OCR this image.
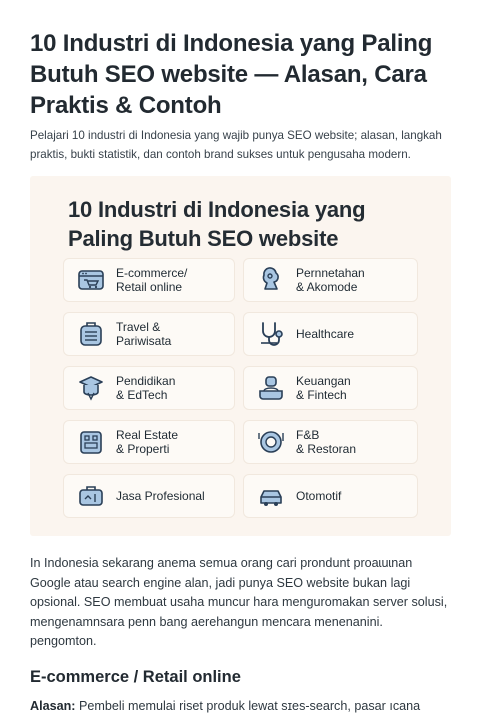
10 Industri di Indonesia yang Paling Butuh SEO website — Alasan, Cara Praktis & Contoh

Pelajari 10 industri di Indonesia yang wajib punya SEO website; alasan, langkah praktis, bukti statistik, dan contoh brand sukses untuk pengusaha modern.

10 Industri di Indonesia yang Paling Butuh SEO website
E-commerce/
Retail online
Pernnetahan
& Akomode
Travel &
Pariwisata	Healthcare
Pendidikan
& EdTech
Keuangan
& Fintech
Real Estate
& Properti
F&B
& Restoran
Jasa Profesional	Otomotif

In Indonesia sekarang anema semua orang cari prondunt proaɩuɩnan Google atau search engine alan, jadi punya SEO website bukan lagi opsional. SEO membuat usaha muncur hara menguromakan server solusi, mengenamnsara penn bang aerehangun mencara menenanini. pengomton.

E-commerce / Retail online

Alasan: Pembeli memulai riset produk lewat sɪes-search, pasar ıcana
